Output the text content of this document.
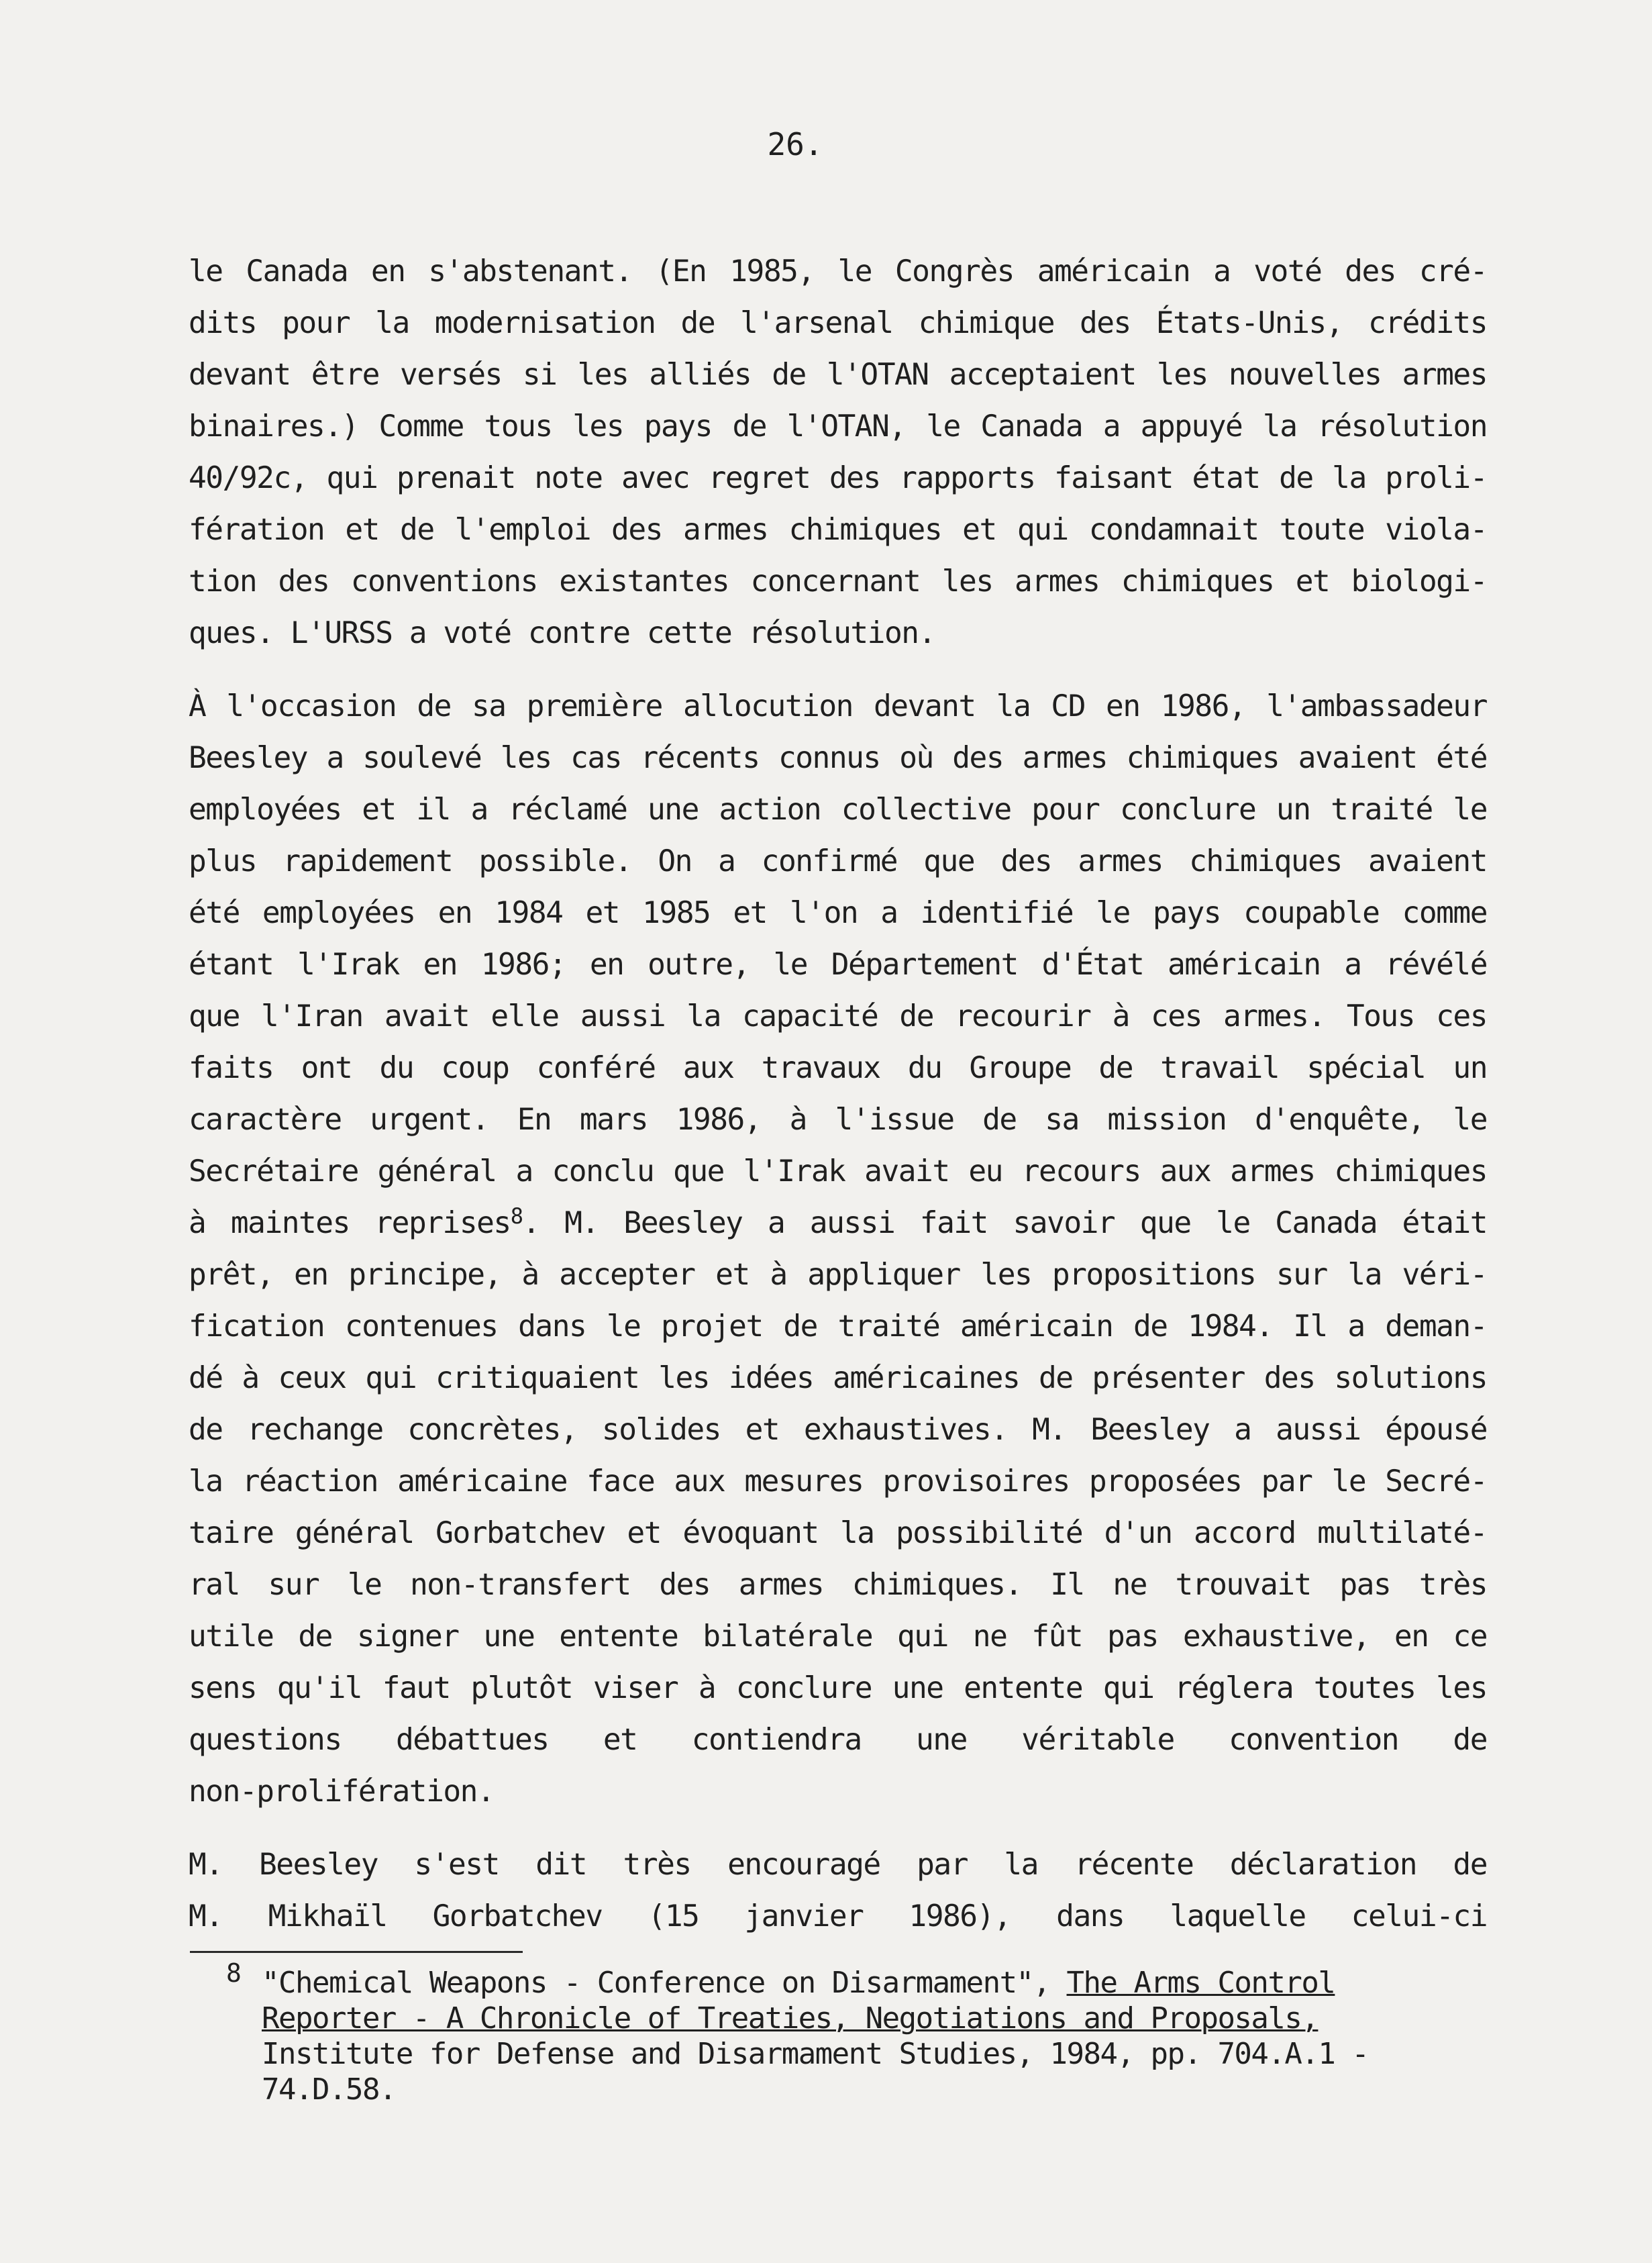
26.
le Canada en s'abstenant. (En 1985, le Congrès américain a voté des cré-
dits pour la modernisation de l'arsenal chimique des États-Unis, crédits
devant être versés si les alliés de l'OTAN acceptaient les nouvelles armes
binaires.) Comme tous les pays de l'OTAN, le Canada a appuyé la résolution
40/92c, qui prenait note avec regret des rapports faisant état de la proli-
fération et de l'emploi des armes chimiques et qui condamnait toute viola-
tion des conventions existantes concernant les armes chimiques et biologi-
ques. L'URSS a voté contre cette résolution.
À l'occasion de sa première allocution devant la CD en 1986, l'ambassadeur
Beesley a soulevé les cas récents connus où des armes chimiques avaient été
employées et il a réclamé une action collective pour conclure un traité le
plus rapidement possible. On a confirmé que des armes chimiques avaient
été employées en 1984 et 1985 et l'on a identifié le pays coupable comme
étant l'Irak en 1986; en outre, le Département d'État américain a révélé
que l'Iran avait elle aussi la capacité de recourir à ces armes. Tous ces
faits ont du coup conféré aux travaux du Groupe de travail spécial un
caractère urgent. En mars 1986, à l'issue de sa mission d'enquête, le
Secrétaire général a conclu que l'Irak avait eu recours aux armes chimiques
à maintes reprises$^8$. M. Beesley a aussi fait savoir que le Canada était
prêt, en principe, à accepter et à appliquer les propositions sur la véri-
fication contenues dans le projet de traité américain de 1984. Il a deman-
dé à ceux qui critiquaient les idées américaines de présenter des solutions
de rechange concrètes, solides et exhaustives. M. Beesley a aussi épousé
la réaction américaine face aux mesures provisoires proposées par le Secré-
taire général Gorbatchev et évoquant la possibilité d'un accord multilaté-
ral sur le non-transfert des armes chimiques. Il ne trouvait pas très
utile de signer une entente bilatérale qui ne fût pas exhaustive, en ce
sens qu'il faut plutôt viser à conclure une entente qui réglera toutes les
questions débattues et contiendra une véritable convention de
non-prolifération.
M. Beesley s'est dit très encouragé par la récente déclaration de
M. Mikhaïl Gorbatchev (15 janvier 1986), dans laquelle celui-ci
8 "Chemical Weapons - Conference on Disarmament", The Arms Control
Reporter - A Chronicle of Treaties, Negotiations and Proposals,
Institute for Defense and Disarmament Studies, 1984, pp. 704.A.1 -
74.D.58.
